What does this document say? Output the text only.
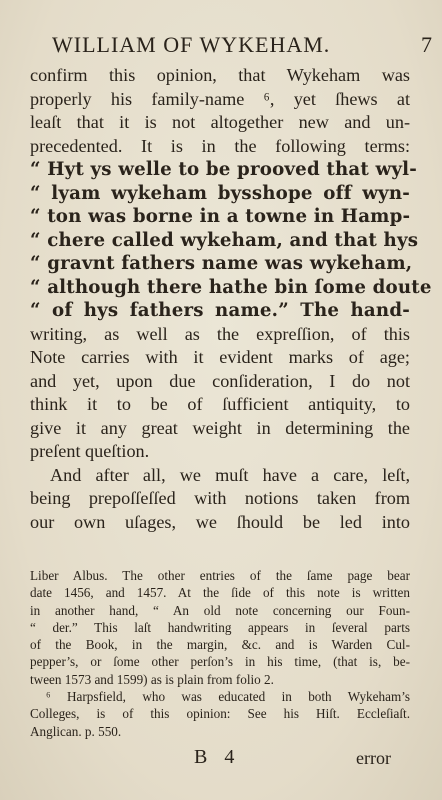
WILLIAM OF WYKEHAM.	7
confirm this opinion, that Wykeham was
properly his family-name ⁶, yet ſhews at
leaſt that it is not altogether new and un-
precedented. It is in the following terms:
“ Hyt ys welle to be prooved that wyl-
“ lyam wykeham bysshope off wyn-
“ ton was borne in a towne in Hamp-
“ chere called wykeham, and that hys
“ gravnt fathers name was wykeham,
“ although there hathe bin ſome doute
“ of hys fathers name.” The hand-
writing, as well as the expreſſion, of this
Note carries with it evident marks of age;
and yet, upon due conſideration, I do not
think it to be of ſufficient antiquity, to
give it any great weight in determining the
preſent queſtion.
And after all, we muſt have a care, leſt,
being prepoſſeſſed with notions taken from
our own uſages, we ſhould be led into
Liber Albus. The other entries of the ſame page bear
date 1456, and 1457. At the ſide of this note is written
in another hand, “ An old note concerning our Foun-
“ der.” This laſt handwriting appears in ſeveral parts
of the Book, in the margin, &c. and is Warden Cul-
pepper’s, or ſome other perſon’s in his time, (that is, be-
tween 1573 and 1599) as is plain from folio 2.
⁶ Harpsfield, who was educated in both Wykeham’s
Colleges, is of this opinion: See his Hiſt. Eccleſiaſt.
Anglican. p. 550.
B 4	error
